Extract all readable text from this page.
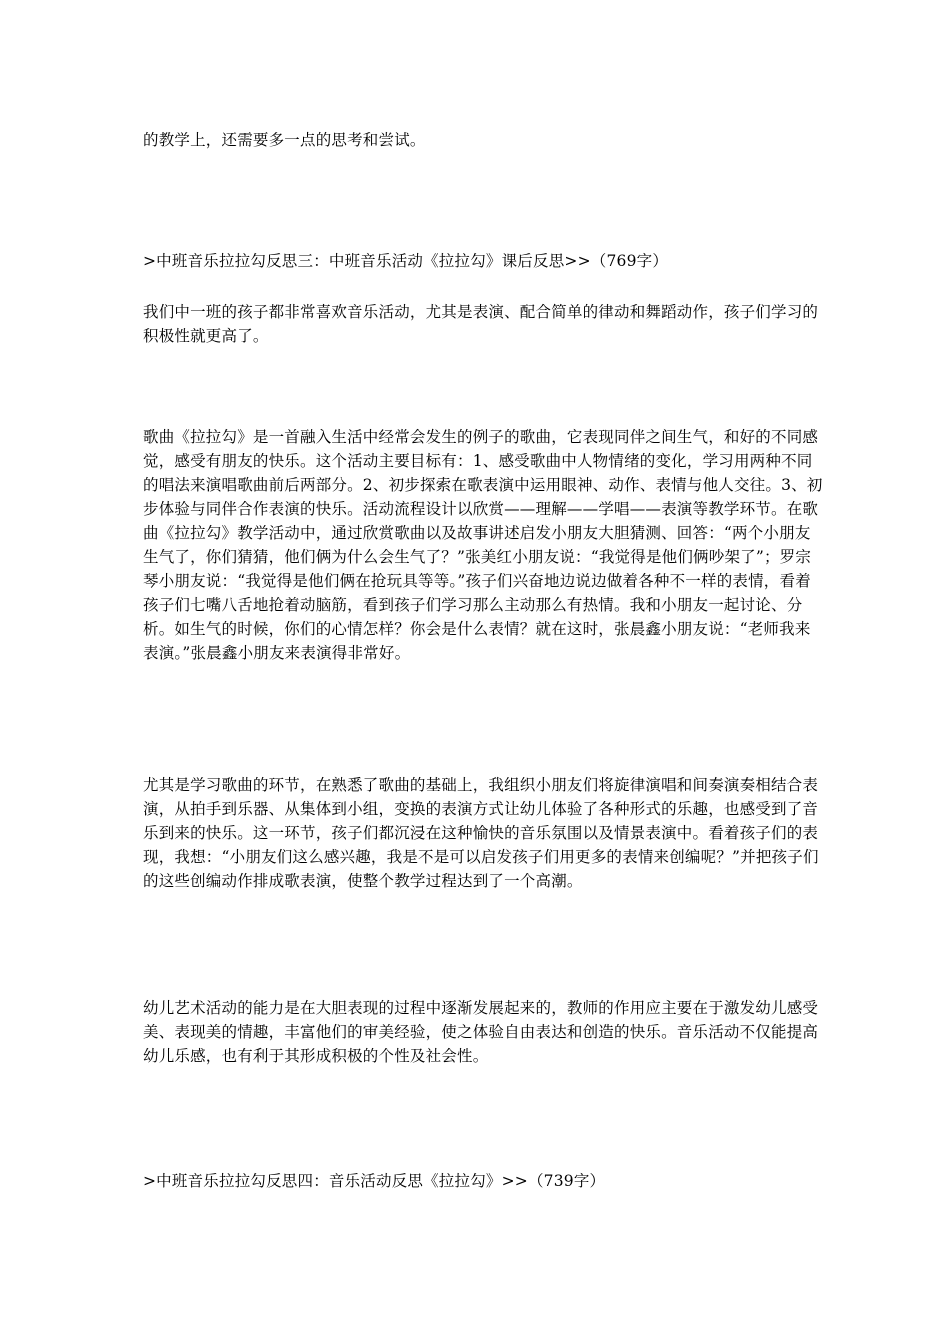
的教学上，还需要多一点的思考和尝试。

>中班音乐拉拉勾反思三：中班音乐活动《拉拉勾》课后反思>>（769字）

我们中一班的孩子都非常喜欢音乐活动，尤其是表演、配合简单的律动和舞蹈动作，孩子们学习的积极性就更高了。

歌曲《拉拉勾》是一首融入生活中经常会发生的例子的歌曲，它表现同伴之间生气，和好的不同感觉，感受有朋友的快乐。这个活动主要目标有：1、感受歌曲中人物情绪的变化，学习用两种不同的唱法来演唱歌曲前后两部分。2、初步探索在歌表演中运用眼神、动作、表情与他人交往。3、初步体验与同伴合作表演的快乐。活动流程设计以欣赏——理解——学唱——表演等教学环节。在歌曲《拉拉勾》教学活动中，通过欣赏歌曲以及故事讲述启发小朋友大胆猜测、回答：“两个小朋友生气了，你们猜猜，他们俩为什么会生气了？”张美红小朋友说：“我觉得是他们俩吵架了”；罗宗琴小朋友说：“我觉得是他们俩在抢玩具等等。”孩子们兴奋地边说边做着各种不一样的表情，看着孩子们七嘴八舌地抢着动脑筋，看到孩子们学习那么主动那么有热情。我和小朋友一起讨论、分析。如生气的时候，你们的心情怎样？你会是什么表情？就在这时，张晨鑫小朋友说：“老师我来表演。”张晨鑫小朋友来表演得非常好。

尤其是学习歌曲的环节，在熟悉了歌曲的基础上，我组织小朋友们将旋律演唱和间奏演奏相结合表演，从拍手到乐器、从集体到小组，变换的表演方式让幼儿体验了各种形式的乐趣，也感受到了音乐到来的快乐。这一环节，孩子们都沉浸在这种愉快的音乐氛围以及情景表演中。看着孩子们的表现，我想：“小朋友们这么感兴趣，我是不是可以启发孩子们用更多的表情来创编呢？”并把孩子们的这些创编动作排成歌表演，使整个教学过程达到了一个高潮。

幼儿艺术活动的能力是在大胆表现的过程中逐渐发展起来的，教师的作用应主要在于激发幼儿感受美、表现美的情趣，丰富他们的审美经验，使之体验自由表达和创造的快乐。音乐活动不仅能提高幼儿乐感，也有利于其形成积极的个性及社会性。

>中班音乐拉拉勾反思四：音乐活动反思《拉拉勾》>>（739字）
